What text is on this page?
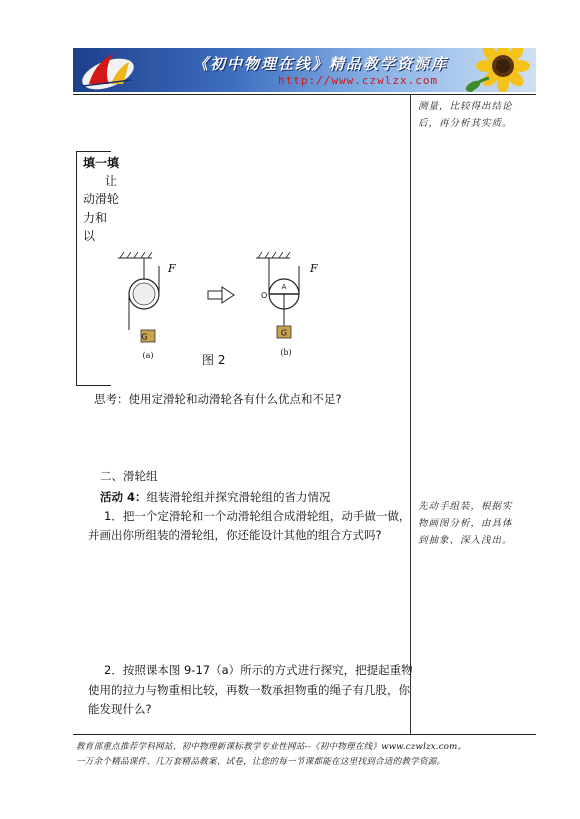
《初中物理在线》精品教学资源库
http://www.czwlzx.com
测量，比较得出结论后，再分析其实质。
先动手组装，根据实物画图分析，由具体到抽象、深入浅出。
填一填
让
动滑轮
力和
以
F
G
(a)
F
A
O
G
(b)
图 2
思考：使用定滑轮和动滑轮各有什么优点和不足?
二、滑轮组
活动 4：组装滑轮组并探究滑轮组的省力情况
1．把一个定滑轮和一个动滑轮组合成滑轮组，动手做一做，
并画出你所组装的滑轮组，你还能设计其他的组合方式吗?
2．按照课本图 9-17（a）所示的方式进行探究，把提起重物
使用的拉力与物重相比较，再数一数承担物重的绳子有几股，你
能发现什么?
教育部重点推荐学科网站、初中物理新课标教学专业性网站--《初中物理在线》www.czwlzx.com。
一万余个精品课件、几万套精品教案、试卷，让您的每一节课都能在这里找到合适的教学资源。
